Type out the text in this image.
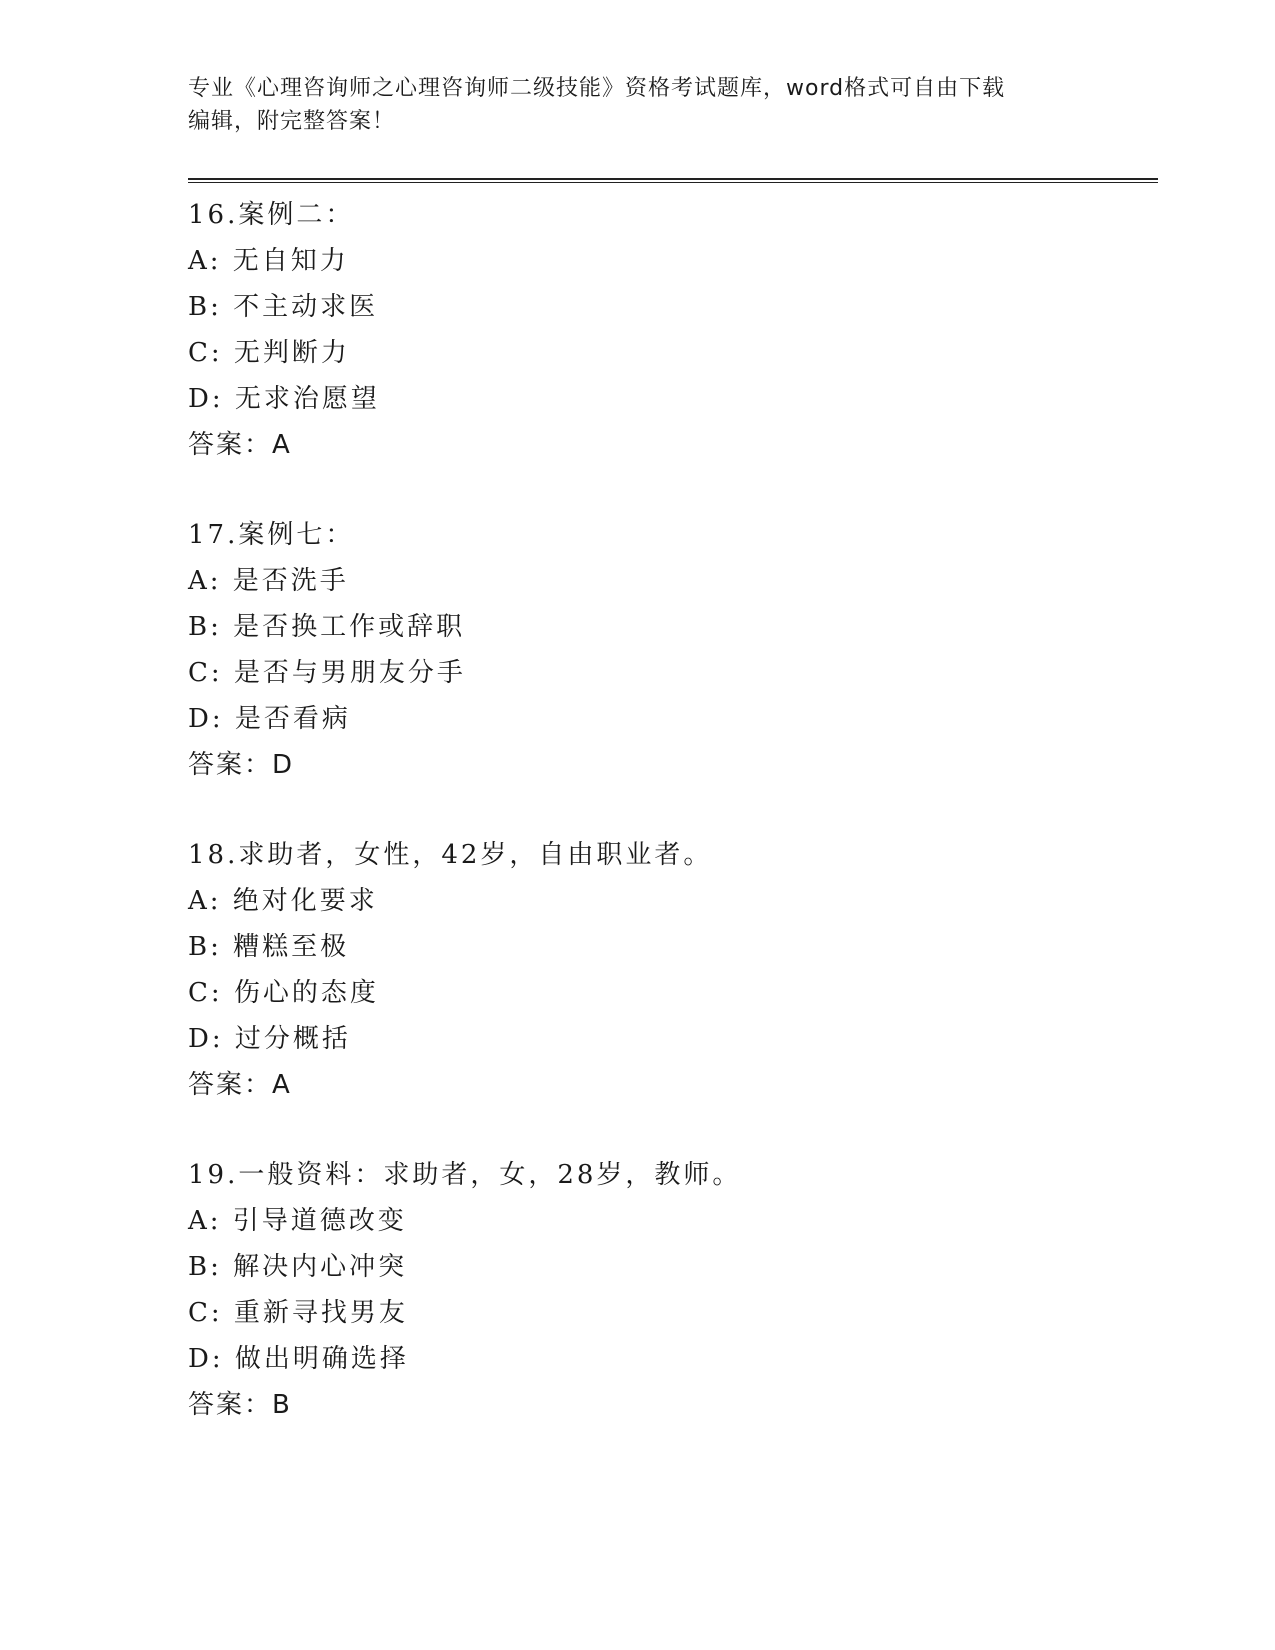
专业《心理咨询师之心理咨询师二级技能》资格考试题库，word格式可自由下载
编辑，附完整答案！
16.案例二：
A: 无自知力
B: 不主动求医
C: 无判断力
D: 无求治愿望
答案：A
17.案例七：
A: 是否洗手
B: 是否换工作或辞职
C: 是否与男朋友分手
D: 是否看病
答案：D
18.求助者，女性，42岁，自由职业者。
A: 绝对化要求
B: 糟糕至极
C: 伤心的态度
D: 过分概括
答案：A
19.一般资料：求助者，女，28岁，教师。
A: 引导道德改变
B: 解决内心冲突
C: 重新寻找男友
D: 做出明确选择
答案：B
